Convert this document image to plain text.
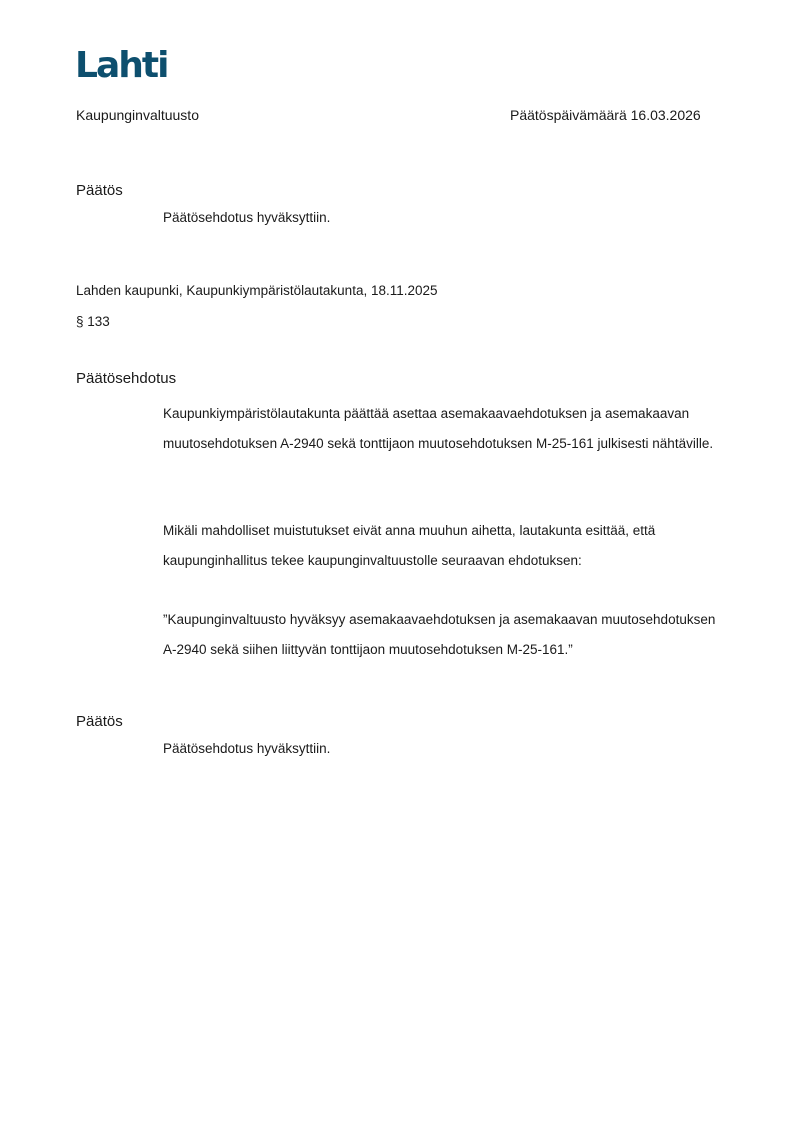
Lahti
Kaupunginvaltuusto	Päätöspäivämäärä 16.03.2026
Päätös

Päätösehdotus hyväksyttiin.

Lahden kaupunki, Kaupunkiympäristölautakunta, 18.11.2025
§ 133
Päätösehdotus

Kaupunkiympäristölautakunta päättää asettaa asemakaavaehdotuksen ja asemakaavan muutosehdotuksen A-2940 sekä tonttijaon muutosehdotuksen M-25-161 julkisesti nähtäville.

Mikäli mahdolliset muistutukset eivät anna muuhun aihetta, lautakunta esittää, että kaupunginhallitus tekee kaupunginvaltuustolle seuraavan ehdotuksen:

”Kaupunginvaltuusto hyväksyy asemakaavaehdotuksen ja asemakaavan muutosehdotuksen A-2940 sekä siihen liittyvän tonttijaon muutosehdotuksen M-25-161.”

Päätös

Päätösehdotus hyväksyttiin.
